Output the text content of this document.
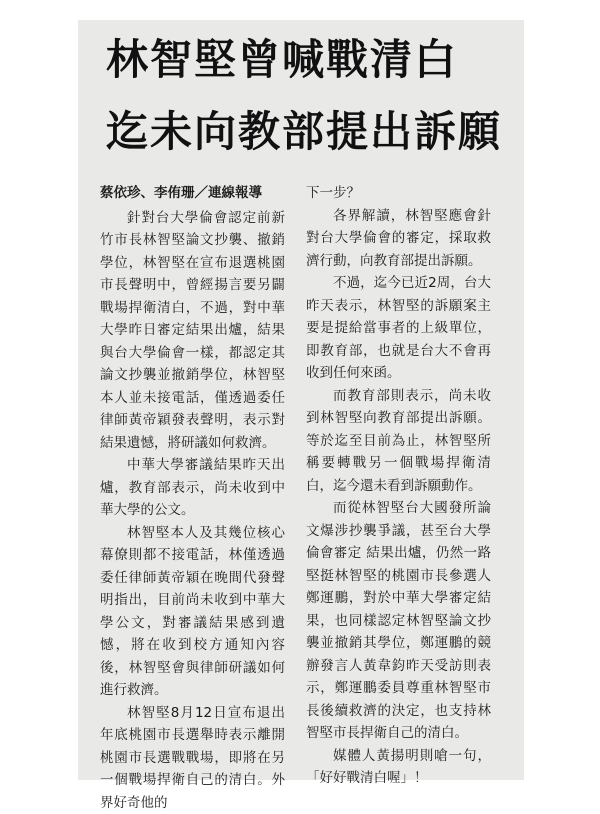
林智堅曾喊戰清白
迄未向教部提出訴願
蔡依珍、李侑珊／連線報導

針對台大學倫會認定前新竹市長林智堅論文抄襲、撤銷學位，林智堅在宣布退選桃園市長聲明中，曾經揚言要另闢戰場捍衛清白，不過，對中華大學昨日審定結果出爐，結果與台大學倫會一樣，都認定其論文抄襲並撤銷學位，林智堅本人並未接電話，僅透過委任律師黃帝穎發表聲明，表示對結果遺憾，將研議如何救濟。

中華大學審議結果昨天出爐，教育部表示，尚未收到中華大學的公文。

林智堅本人及其幾位核心幕僚則都不接電話，林僅透過委任律師黃帝穎在晚間代發聲明指出，目前尚未收到中華大學公文，對審議結果感到遺憾，將在收到校方通知內容後，林智堅會與律師研議如何進行救濟。

林智堅8月12日宣布退出年底桃園市長選舉時表示離開桃園市長選戰戰場，即將在另一個戰場捍衛自己的清白。外界好奇他的

下一步？

各界解讀，林智堅應會針對台大學倫會的審定，採取救濟行動，向教育部提出訴願。

不過，迄今已近2周，台大昨天表示，林智堅的訴願案主要是提給當事者的上級單位，即教育部，也就是台大不會再收到任何來函。

而教育部則表示，尚未收到林智堅向教育部提出訴願。等於迄至目前為止，林智堅所稱要轉戰另一個戰場捍衛清白，迄今還未看到訴願動作。

而從林智堅台大國發所論文爆涉抄襲爭議，甚至台大學倫會審定 結果出爐，仍然一路堅挺林智堅的桃園市長參選人鄭運鵬，對於中華大學審定結果，也同樣認定林智堅論文抄襲並撤銷其學位，鄭運鵬的競辦發言人黃韋鈞昨天受訪則表示，鄭運鵬委員尊重林智堅市長後續救濟的決定，也支持林智堅市長捍衛自己的清白。

媒體人黃揚明則嗆一句，「好好戰清白喔」！
